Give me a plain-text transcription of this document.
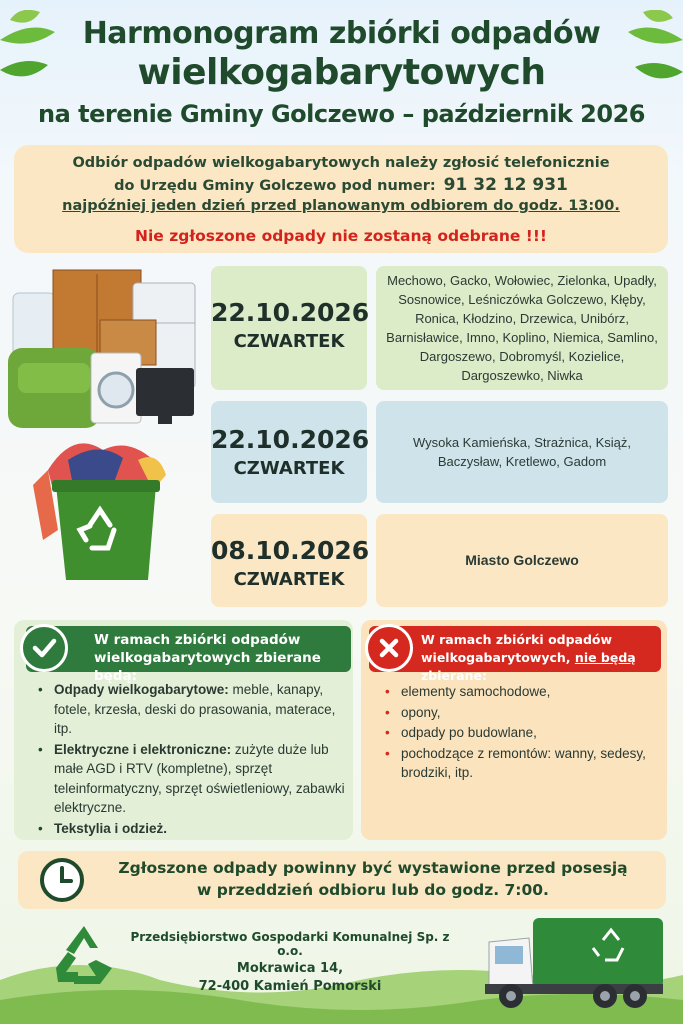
Harmonogram zbiórki odpadów
wielkogabarytowych
na terenie Gminy Golczewo – październik 2026
Odbiór odpadów wielkogabarytowych należy zgłosić telefonicznie
do Urzędu Gminy Golczewo pod numer: 91 32 12 931
najpóźniej jeden dzień przed planowanym odbiorem do godz. 13:00.
Nie zgłoszone odpady nie zostaną odebrane !!!
22.10.2026
CZWARTEK
Mechowo, Gacko, Wołowiec, Zielonka, Upadły, Sosnowice, Leśniczówka Golczewo, Kłęby, Ronica, Kłodzino, Drzewica, Unibórz, Barnisławice, Imno, Koplino, Niemica, Samlino, Dargoszewo, Dobromyśl, Kozielice, Dargoszewko, Niwka
22.10.2026
CZWARTEK
Wysoka Kamieńska, Strażnica, Książ, Baczysław, Kretlewo, Gadom
08.10.2026
CZWARTEK
Miasto Golczewo
W ramach zbiórki odpadów
wielkogabarytowych zbierane będą:
• Odpady wielkogabarytowe: meble, kanapy, fotele, krzesła, deski do prasowania, materace, itp.
• Elektryczne i elektroniczne: zużyte duże lub małe AGD i RTV (kompletne), sprzęt teleinformatyczny, sprzęt oświetleniowy, zabawki elektryczne.
• Tekstylia i odzież.
W ramach zbiórki odpadów
wielkogabarytowych, nie będą zbierane:
• elementy samochodowe,
• opony,
• odpady po budowlane,
• pochodzące z remontów: wanny, sedesy, brodziki, itp.
Zgłoszone odpady powinny być wystawione przed posesją
w przeddzień odbioru lub do godz. 7:00.
Przedsiębiorstwo Gospodarki Komunalnej Sp. z o.o.
Mokrawica 14,
72-400 Kamień Pomorski
